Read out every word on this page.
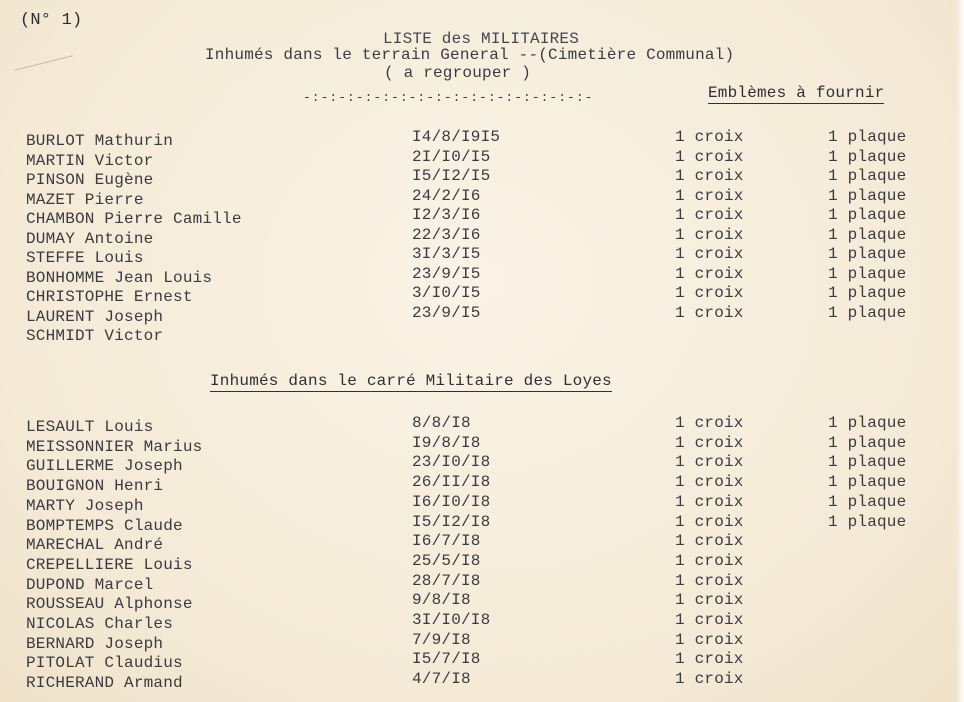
(N° 1)
LISTE des MILITAIRES
Inhumés dans le terrain General --(Cimetière Communal)
( a regrouper )
-:-:-:-:-:-:-:-:-:-:-:-:-:-:-:-:-	Emblèmes à fournir
BURLOT Mathurin	I4/8/I9I5	1 croix	1 plaque
MARTIN Victor	2I/I0/I5	1 croix	1 plaque
PINSON Eugène	I5/I2/I5	1 croix	1 plaque
MAZET Pierre	24/2/I6	1 croix	1 plaque
CHAMBON Pierre Camille	I2/3/I6	1 croix	1 plaque
DUMAY Antoine	22/3/I6	1 croix	1 plaque
STEFFE Louis	3I/3/I5	1 croix	1 plaque
BONHOMME Jean Louis	23/9/I5	1 croix	1 plaque
CHRISTOPHE Ernest	3/I0/I5	1 croix	1 plaque
LAURENT Joseph	23/9/I5	1 croix	1 plaque
SCHMIDT Victor
Inhumés dans le carré Militaire des Loyes
LESAULT Louis	8/8/I8	1 croix	1 plaque
MEISSONNIER Marius	I9/8/I8	1 croix	1 plaque
GUILLERME Joseph	23/I0/I8	1 croix	1 plaque
BOUIGNON Henri	26/II/I8	1 croix	1 plaque
MARTY Joseph	I6/I0/I8	1 croix	1 plaque
BOMPTEMPS Claude	I5/I2/I8	1 croix	1 plaque
MARECHAL André	I6/7/I8	1 croix
CREPELLIERE Louis	25/5/I8	1 croix
DUPOND Marcel	28/7/I8	1 croix
ROUSSEAU Alphonse	9/8/I8	1 croix
NICOLAS Charles	3I/I0/I8	1 croix
BERNARD Joseph	7/9/I8	1 croix
PITOLAT Claudius	I5/7/I8	1 croix
RICHERAND Armand	4/7/I8	1 croix
